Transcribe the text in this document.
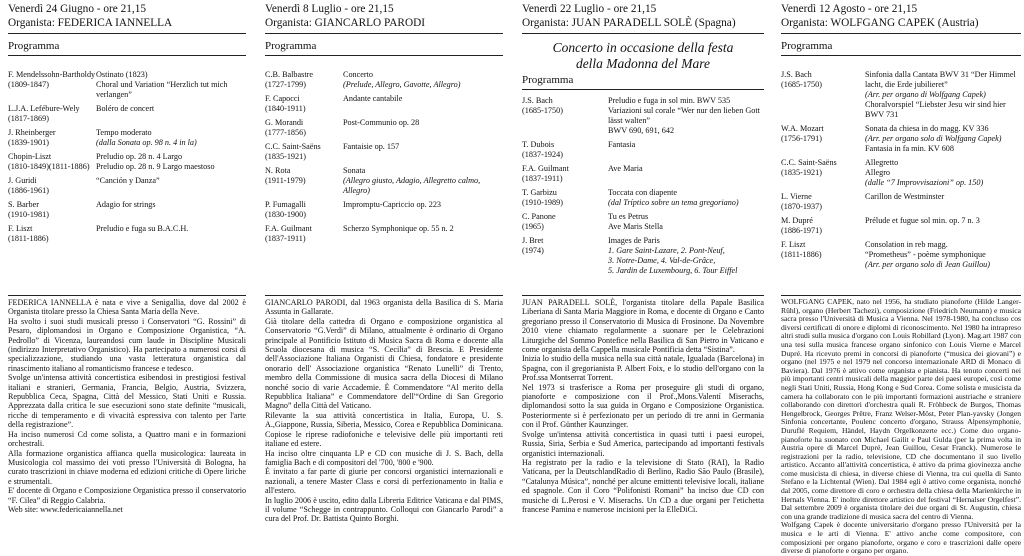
Venerdì 24 Giugno - ore 21,15
Organista: FEDERICA IANNELLA
Programma
F. Mendelssohn-Bartholdy
(1809-1847)
Ostinato (1823)
Choral und Variation “Herzlich tut mich verlangen”
L.J.A. Lefébure-Wely
(1817-1869)
Boléro de concert
J. Rheinberger
(1839-1901)
Tempo moderato
(dalla Sonata op. 98 n. 4 in la)
Chopin-Liszt
(1810-1849)(1811-1886)
Preludio op. 28 n. 4 Largo
Preludio op. 28 n. 9 Largo maestoso
J. Guridi
(1886-1961)
“Canción y Danza”
S. Barber
(1910-1981)
Adagio for strings
F. Liszt
(1811-1886)
Preludio e fuga su B.A.C.H.

FEDERICA IANNELLA è nata e vive a Senigallia, dove dal 2002 è Organista titolare presso la Chiesa Santa Maria della Neve.

Ha svolto i suoi studi musicali presso i Conservatori “G. Rossini” di Pesaro, diplomandosi in Organo e Composizione Organistica, “A. Pedrollo” di Vicenza, laureandosi cum laude in Discipline Musicali (indirizzo Interpretativo Organistico). Ha partecipato a numerosi corsi di specializzazione, studiando una vasta letteratura organistica dal rinascimento italiano al romanticismo francese e tedesco.

Svolge un'intensa attività concertistica esibendosi in prestigiosi festival italiani e stranieri, Germania, Francia, Belgio, Austria, Svizzera, Repubblica Ceca, Spagna, Città del Messico, Stati Uniti e Russia. Apprezzata dalla critica le sue esecuzioni sono state definite “musicali, ricche di temperamento e di vivacità espressiva con talento per l'arte della registrazione”.

Ha inciso numerosi Cd come solista, a Quattro mani e in formazioni orchestrali.

Alla formazione organistica affianca quella musicologica: laureata in Musicologia col massimo dei voti presso l'Università di Bologna, ha curato trascrizioni in chiave moderna ed edizioni critiche di Opere liriche e strumentali.

E' docente di Organo e Composizione Organistica presso il conservatorio “F. Cilea” di Reggio Calabria.

Web site: www.federicaiannella.net

Venerdì 8 Luglio - ore 21,15
Organista: GIANCARLO PARODI
Programma
C.B. Balbastre
(1727-1799)
Concerto
(Prelude, Allegro, Gavotte, Allegro)
F. Capocci
(1840-1911)
Andante cantabile
G. Morandi
(1777-1856)
Post-Communio op. 28
C.C. Saint-Saëns
(1835-1921)
Fantaisie op. 157
N. Rota
(1911-1979)
Sonata
(Allegro giusto, Adagio, Allegretto calmo, Allegro)
P. Fumagalli
(1830-1900)
Impromptu-Capriccio op. 223
F.A. Guilmant
(1837-1911)
Scherzo Symphonique op. 55 n. 2

GIANCARLO PARODI, dal 1963 organista della Basilica di S. Maria Assunta in Gallarate.

Già titolare della cattedra di Organo e composizione organistica al Conservatorio “G.Verdi” di Milano, attualmente è ordinario di Organo principale al Pontificio Istituto di Musica Sacra di Roma e docente alla Scuola diocesana di musica “S. Cecilia” di Brescia. E Presidente dell'Associazione Italiana Organisti di Chiesa, fondatore e presidente onorario dell' Associazione organistica “Renato Lunelli” di Trento, membro della Commissione di musica sacra della Diocesi di Milano nonché socio di varie Accademie. È Commendatore “Al merito della Repubblica Italiana” e Commendatore dell'“Ordine di San Gregorio Magno” della Città del Vaticano.

Rilevante la sua attività concertistica in Italia, Europa, U. S. A.,Giappone, Russia, Siberia, Messico, Corea e Repubblica Dominicana. Copiose le riprese radiofoniche e televisive delle più importanti reti italiane ed estere.

Ha inciso oltre cinquanta LP e CD con musiche di J. S. Bach, della famiglia Bach e di compositori del '700, '800 e '900.

È invitato a far parte di giurie per concorsi organistici internazionali e nazionali, a tenere Master Class e corsi di perfezionamento in Italia e all'estero.

In luglio 2006 è uscito, edito dalla Libreria Editrice Vaticana e dal PIMS, il volume “Schegge in contrappunto. Colloqui con Giancarlo Parodi” a cura del Prof. Dr. Battista Quinto Borghi.

Venerdì 22 Luglio - ore 21,15
Organista: JUAN PARADELL SOLÈ (Spagna)
Concerto in occasione della festa
della Madonna del Mare
Programma
J.S. Bach
(1685-1750)
Preludio e fuga in sol min. BWV 535
Variazioni sul corale “Wer nur den lieben Gott lässt walten”
BWV 690, 691, 642
T. Dubois
(1837-1924)
Fantasia
F.A. Guilmant
(1837-1911)
Ave Maria
T. Garbizu
(1910-1989)
Toccata con diapente
(dal Tríptico sobre un tema gregoriano)
C. Panone
(1965)
Tu es Petrus
Ave Maris Stella
J. Bret
(1974)
Images de Paris
1. Gare Saint-Lazare, 2. Pont-Neuf,
3. Notre-Dame, 4. Val-de-Grâce,
5. Jardin de Luxembourg, 6. Tour Eiffel

JUAN PARADELL SOLÈ, l'organista titolare della Papale Basilica Liberiana di Santa Maria Maggiore in Roma, e docente di Organo e Canto gregoriano presso il Conservatorio di Musica di Frosinone. Da Novembre 2010 viene chiamato regolarmente a suonare per le Celebrazioni Liturgiche del Sommo Pontefice nella Basilica di San Pietro in Vaticano e come organista della Cappella musicale Pontificia detta “Sistina”.

Inizia lo studio della musica nella sua città natale, Igualada (Barcelona) in Spagna, con il gregorianista P. Albert Foix, e lo studio dell'organo con la Prof.ssa Montserrat Torrent.

Nel 1973 si trasferisce a Roma per proseguire gli studi di organo, pianoforte e composizione con il Prof.,Mons.Valentí Miserachs, diplomandosi sotto la sua guida in Organo e Composizione Organistica. Posteriormente si è perfezionato per un periodo di tre anni in Germania con il Prof. Günther Kaunzinger.

Svolge un'intensa attività concertistica in quasi tutti i paesi europei, Russia, Siria, Serbia e Sud America, partecipando ad importanti festivals organistici internazionali.

Ha registrato per la radio e la televisione di Stato (RAI), la Radio Vaticana, per la DeutschlandRadio di Berlino, Radio São Paulo (Brasile), “Catalunya Música”, nonché per alcune emittenti televisive locali, italiane ed spagnole. Con il Coro “Polifonisti Romani” ha inciso due CD con musiche di L.Perosi e V. Miserachs. Un CD a due organi per l'etichetta francese Pamina e numerose incisioni per la ElleDiCi.

Venerdì 12 Agosto - ore 21,15
Organista: WOLFGANG CAPEK (Austria)
Programma
J.S. Bach
(1685-1750)
Sinfonia dalla Cantata BWV 31 “Der Himmel lacht, die Erde jubilieret”
(Arr. per organo di Wolfgang Capek)
Choralvorspiel “Liebster Jesu wir sind hier BWV 731
W.A. Mozart
(1756-1791)
Sonata da chiesa in do magg. KV 336
(Arr. per organo solo di Wolfgang Capek)
Fantasia in fa min. KV 608
C.C. Saint-Saëns
(1835-1921)
Allegretto
Allegro
(dalle “7 Improvvisazioni” op. 150)
L. Vierne
(1870-1937)
Carillon de Westminster
M. Dupré
(1886-1971)
Prélude et fugue sol min. op. 7 n. 3
F. Liszt
(1811-1886)
Consolation in reb magg.
“Prometheus” - poème symphonique
(Arr. per organo solo di Jean Guillou)

WOLFGANG CAPEK, nato nel 1956, ha studiato pianoforte (Hilde Langer-Rühl), organo (Herbert Tachezi), composizione (Friedrich Neumann) e musica sacra presso l'Università di Musica a Vienna. Nel 1978-1980, ha concluso cos diversi certificati di onore e diplomi di riconoscimento. Nel 1980 ha intrapreso altri studi sulla musica d'organo con Louis Robillard (Lyon). Mag.art 1987 con una tesi sulla musica francese organo sinfonico con Louis Vierne e Marcel Dupré. Ha ricevuto premi in concorsi di pianoforte (“musica dei giovani”) e organo (nel 1975 e nel 1979 nel concorso internazionale ARD di Monaco di Baviera). Dal 1976 è attivo come organista e pianista. Ha tenuto concerti nei più importanti centri musicali della maggior parte dei paesi europei, così come negli Stati Uniti, Russia, Hong Kong e Sud Corea. Come solista e musicista da camera ha collaborato con le più importanti formazioni austriache e straniere collaborando con direttori d'orchestra quali R. Fröhbeck de Burgos, Thomas Hengelbrock, Georges Prêtre, Franz Welser-Möst, Peter Plan-yavsky (Jongen Sinfonia concertante, Poulenc concerto d'organo, Strauss Alpensymphonie, Duruflé Requiem, Händel, Haydn Orgelkonzerte ecc.) Come duo organo-pianoforte ha suonato con Michael Gailit e Paul Gulda (per la prima volta in Austria opere di Marcel Dupré, Jean Guillou, Cesar Franck). Numerose le registrazioni per la radio, televisione, CD che documentano il suo livello artistico. Accanto all'attività concertistica, è attivo da prima giovinezza anche come musicista di chiesa, in diverse chiese di Vienna, tra cui quella di Santo Stefano e la Lichtental (Wien). Dal 1984 egli è attivo come organista, nonché dal 2005, come direttore di coro e orchestra della chiesa della Marienkirche in Hernals Vienna. E' inoltre direttore artistico del festival “Hernalser Orgelfest”. Dal settembre 2009 è organista titolare dei due organi di St. Augustin, chiesa con una grande tradizione di musica sacra del centro di Vienna.

Wolfgang Capek è docente universitario d'organo presso l'Università per la musica e le arti di Vienna. E' attivo anche come compositore, con composizioni per organo pianoforte, organo e coro e trascrizioni dalle opere diverse di pianoforte e organo per organo.
